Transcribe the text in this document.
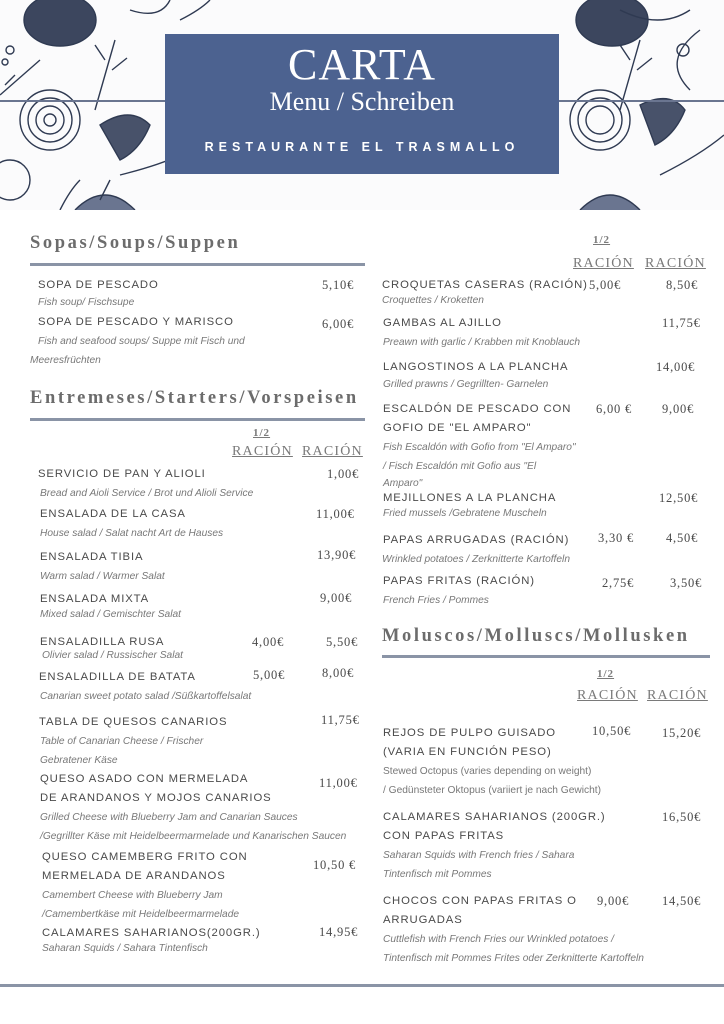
CARTA
Menu / Schreiben
RESTAURANTE EL TRASMALLO
Sopas/Soups/Suppen
SOPA DE PESCADO
Fish soup/ Fischsupe
5,10€
SOPA DE PESCADO Y MARISCO
Fish and seafood soups/ Suppe mit Fisch und
Meeresfrüchten
6,00€
Entremeses/Starters/Vorspeisen
1/2
RACIÓN RACIÓN
SERVICIO DE PAN Y ALIOLI
Bread and Aioli Service / Brot und Alioli Service
1,00€
ENSALADA DE LA CASA
House salad / Salat nacht Art de Hauses
11,00€
ENSALADA TIBIA
Warm salad / Warmer Salat
13,90€
ENSALADA MIXTA
Mixed salad / Gemischter Salat
9,00€
ENSALADILLA RUSA
Olivier salad / Russischer Salat
4,00€	5,50€
ENSALADILLA DE BATATA
Canarian sweet potato salad /Süßkartoffelsalat
5,00€	8,00€
TABLA DE QUESOS CANARIOS
Table of Canarian Cheese / Frischer
Gebratener Käse
11,75€
QUESO ASADO CON MERMELADA
DE ARANDANOS Y MOJOS CANARIOS
Grilled Cheese with Blueberry Jam and Canarian Sauces
/Gegrillter Käse mit Heidelbeermarmelade und Kanarischen Saucen
11,00€
QUESO CAMEMBERG FRITO CON
MERMELADA DE ARANDANOS
Camembert Cheese with Blueberry Jam
/Camembertkäse mit Heidelbeermarmelade
10,50 €
CALAMARES SAHARIANOS(200GR.)
Saharan Squids / Sahara Tintenfisch
14,95€
1/2
RACIÓN RACIÓN
CROQUETAS CASERAS (RACIÓN)
Croquettes / Kroketten
5,00€	8,50€
GAMBAS AL AJILLO
Preawn with garlic / Krabben mit Knoblauch
11,75€
LANGOSTINOS A LA PLANCHA
Grilled prawns / Gegrillten- Garnelen
14,00€
ESCALDÓN DE PESCADO CON
GOFIO DE "EL AMPARO"
Fish Escaldón with Gofio from "El Amparo"
/ Fisch Escaldón mit Gofio aus "El
Amparo"
6,00 € 9,00€
MEJILLONES A LA PLANCHA
Fried mussels /Gebratene Muscheln
12,50€
PAPAS ARRUGADAS (RACIÓN)
Wrinkled potatoes / Zerknitterte Kartoffeln
3,30 €	4,50€
PAPAS FRITAS (RACIÓN)
French Fries / Pommes
2,75€	3,50€
Moluscos/Molluscs/Mollusken
1/2
RACIÓN RACIÓN
REJOS DE PULPO GUISADO
(VARIA EN FUNCIÓN PESO)
Stewed Octopus (varies depending on weight)
/ Gedünsteter Oktopus (variiert je nach Gewicht)
10,50€ 15,20€
CALAMARES SAHARIANOS (200GR.)
CON PAPAS FRITAS
Saharan Squids with French fries / Sahara
Tintenfisch mit Pommes
16,50€
CHOCOS CON PAPAS FRITAS O
ARRUGADAS
Cuttlefish with French Fries our Wrinkled potatoes /
Tintenfisch mit Pommes Frites oder Zerknitterte Kartoffeln
9,00€	14,50€
